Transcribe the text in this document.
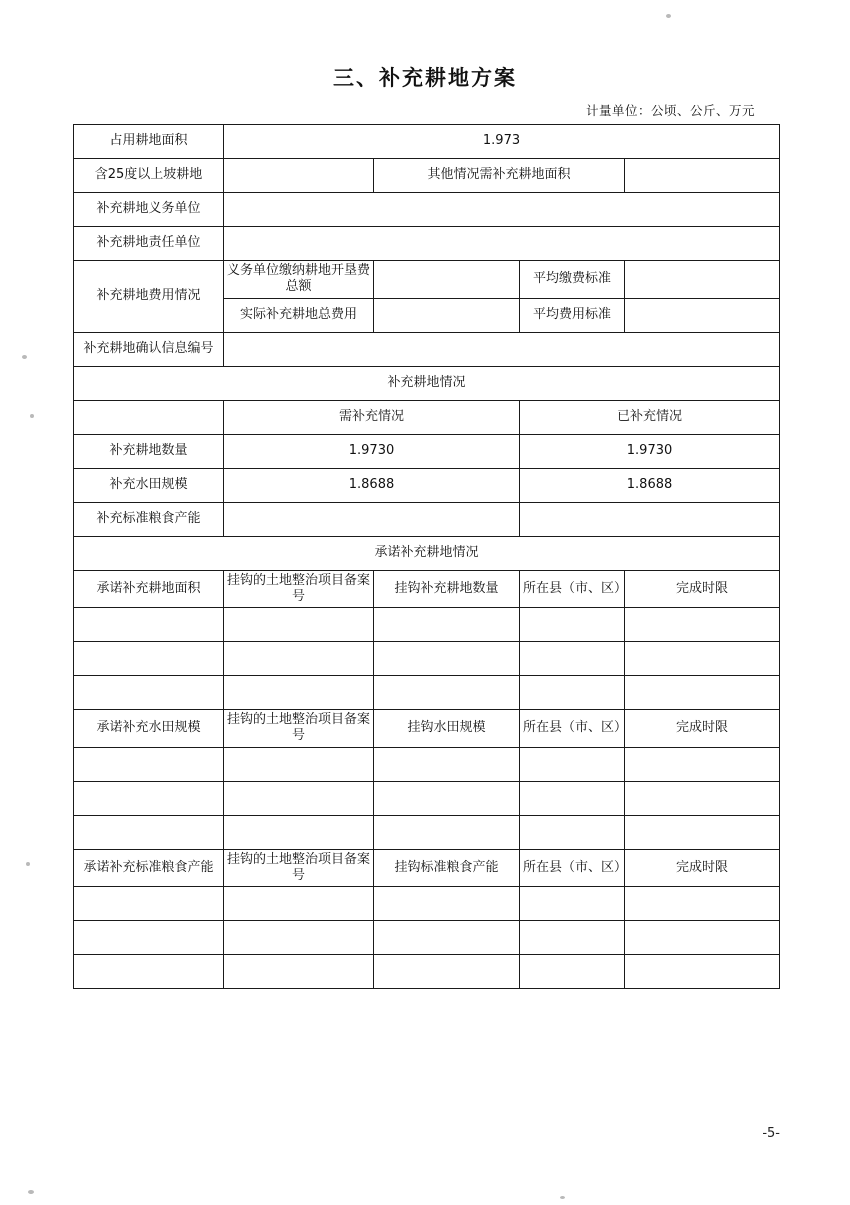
三、补充耕地方案
计量单位：公顷、公斤、万元
占用耕地面积	1.973			
含25度以上坡耕地		其他情况需补充耕地面积		
补充耕地义务单位				
补充耕地责任单位				
补充耕地费用情况	义务单位缴纳耕地开垦费总额		平均缴费标准	
	实际补充耕地总费用		平均费用标准	
补充耕地确认信息编号				
补充耕地情况				
	需补充情况		已补充情况	
补充耕地数量	1.9730		1.9730	
补充水田规模	1.8688		1.8688	
补充标准粮食产能				
承诺补充耕地情况				
承诺补充耕地面积	挂钩的土地整治项目备案号	挂钩补充耕地数量	所在县（市、区）	完成时限

承诺补充水田规模	挂钩的土地整治项目备案号	挂钩水田规模	所在县（市、区）	完成时限

承诺补充标准粮食产能	挂钩的土地整治项目备案号	挂钩标准粮食产能	所在县（市、区）	完成时限

-5-
